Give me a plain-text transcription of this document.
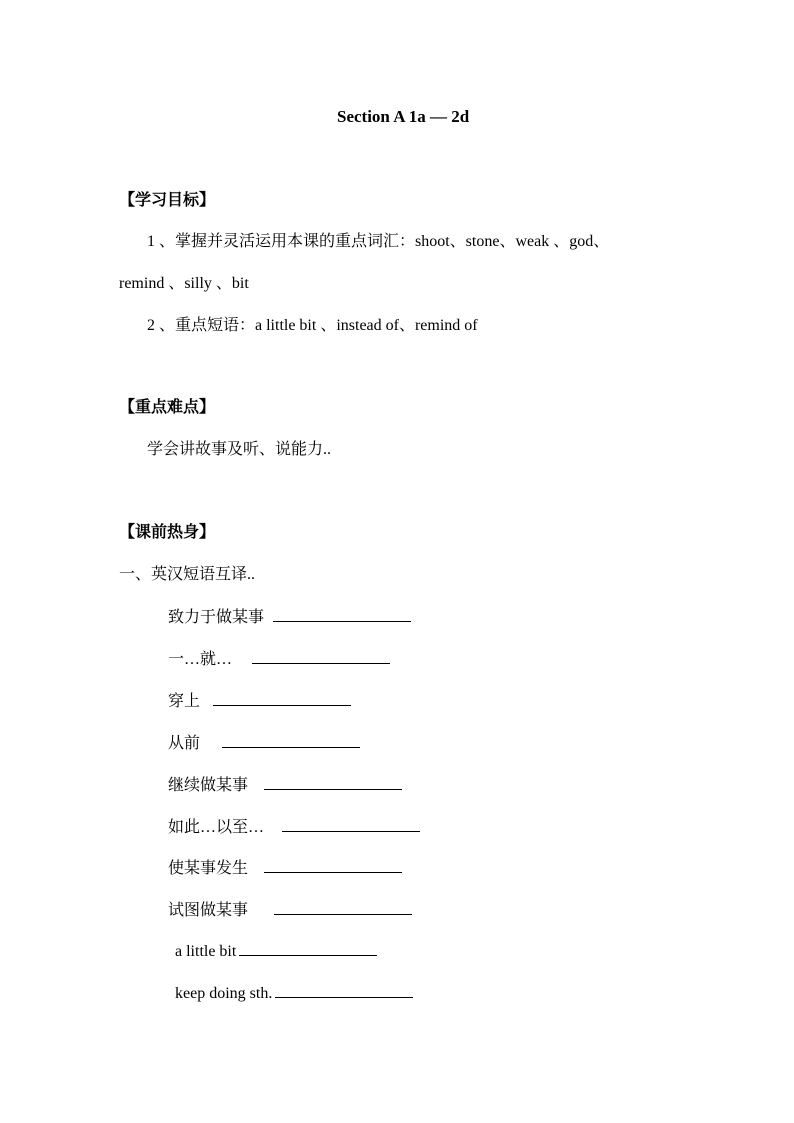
Section A 1a — 2d
【学习目标】
1 、掌握并灵活运用本课的重点词汇：shoot、stone、weak 、god、
remind 、silly 、bit
2 、重点短语：a little bit 、instead of、remind of
【重点难点】
学会讲故事及听、说能力..
【课前热身】
一、英汉短语互译..
致力于做某事
一…就…
穿上
从前
继续做某事
如此…以至…
使某事发生
试图做某事
a little bit
keep doing sth.
